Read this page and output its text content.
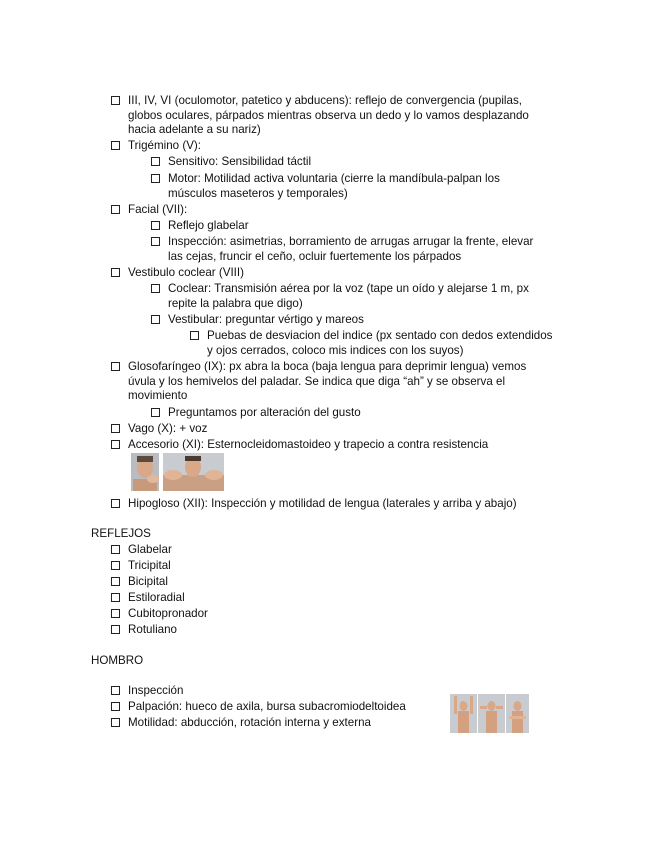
III, IV, VI (oculomotor, patetico y abducens): reflejo de convergencia (pupilas, globos oculares, párpados mientras observa un dedo y lo vamos desplazando hacia adelante a su nariz)
Trigémino (V):
Sensitivo: Sensibilidad táctil
Motor: Motilidad activa voluntaria (cierre la mandíbula-palpan los músculos maseteros y temporales)
Facial (VII):
Reflejo glabelar
Inspección: asimetrias, borramiento de arrugas arrugar la frente, elevar las cejas, fruncir el ceño, ocluir fuertemente los párpados
Vestibulo coclear (VIII)
Coclear: Transmisión aérea por la voz (tape un oído y alejarse 1 m, px repite la palabra que digo)
Vestibular: preguntar vértigo y mareos
Puebas de desviacion del indice (px sentado con dedos extendidos y ojos cerrados, coloco mis indices con los suyos)
Glosofaríngeo (IX): px abra la boca (baja lengua para deprimir lengua) vemos úvula y los hemivelos del paladar. Se indica que diga “ah” y se observa el movimiento
Preguntamos por alteración del gusto
Vago (X): + voz
Accesorio (XI): Esternocleidomastoideo y trapecio a contra resistencia
Hipogloso (XII): Inspección y motilidad de lengua (laterales y arriba y abajo)
REFLEJOS
Glabelar
Tricipital
Bicipital
Estiloradial
Cubitopronador
Rotuliano
HOMBRO
Inspección
Palpación: hueco de axila, bursa subacromiodeltoidea
Motilidad: abducción, rotación interna y externa
